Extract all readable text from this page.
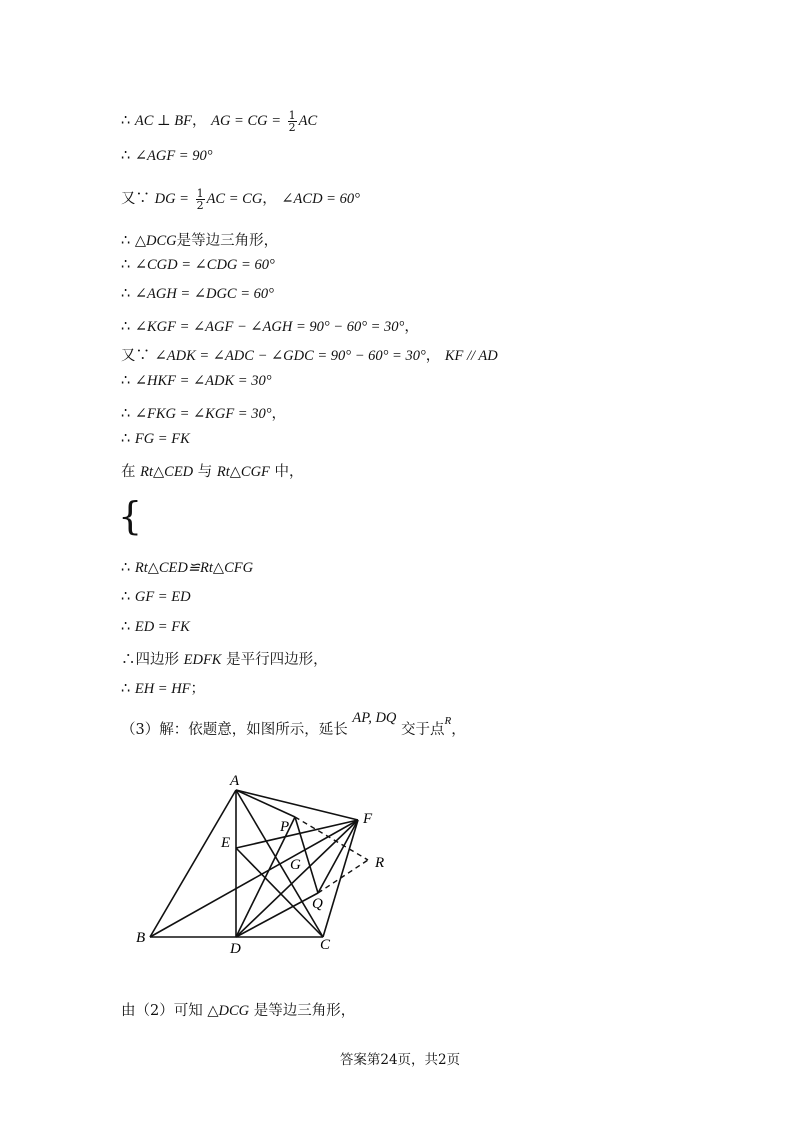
∴ AC ⊥ BF， AG = CG = $\frac{1}{2}$ AC
∴ ∠AGF = 90°
又∵ DG = $\frac{1}{2}$ AC = CG， ∠ACD = 60°
∴ △DCG是等边三角形，
∴ ∠CGD = ∠CDG = 60°
∴ ∠AGH = ∠DGC = 60°
∴ ∠KGF = ∠AGF − ∠AGH = 90° − 60° = 30°，
又∵ ∠ADK = ∠ADC − ∠GDC = 90° − 60° = 30°， KF // AD
∴ ∠HKF = ∠ADK = 30°
∴ ∠FKG = ∠KGF = 30°，
∴ FG = FK
在 Rt△CED 与 Rt△CGF 中，
{
∴ Rt△CED≌Rt△CFG
∴ GF = ED
∴ ED = FK
∴四边形 EDFK 是平行四边形，
∴ EH = HF；
（3）解：依题意，如图所示，延长 AP, DQ 交于点$^R$，
A
B	C
D
E
F
G
P
Q
R
由（2）可知 △DCG 是等边三角形，
答案第24页，共2页
